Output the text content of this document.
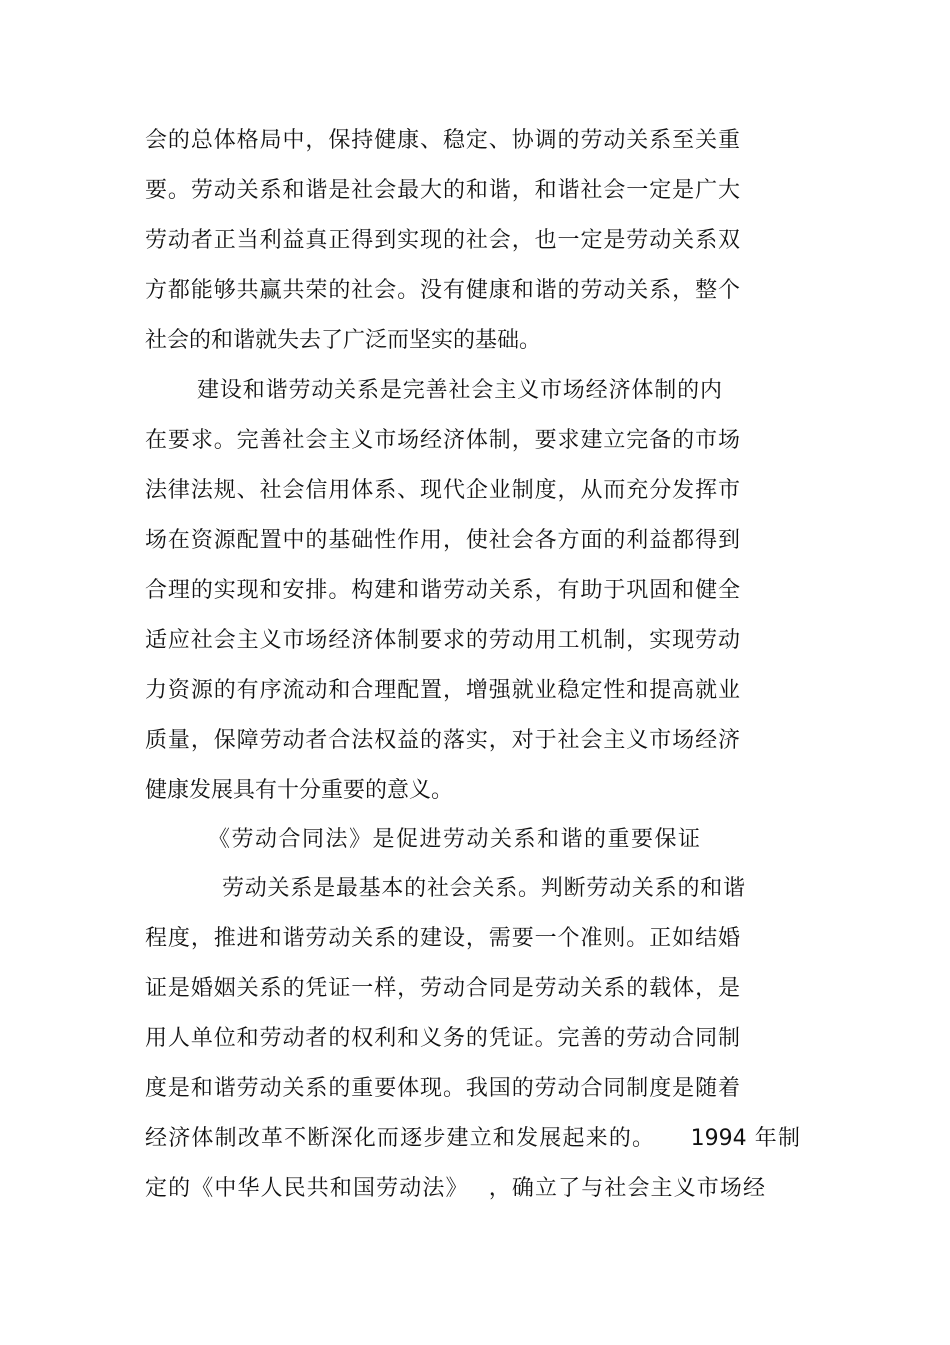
会的总体格局中，保持健康、稳定、协调的劳动关系至关重
要。劳动关系和谐是社会最大的和谐，和谐社会一定是广大
劳动者正当利益真正得到实现的社会，也一定是劳动关系双
方都能够共赢共荣的社会。没有健康和谐的劳动关系，整个
社会的和谐就失去了广泛而坚实的基础。
建设和谐劳动关系是完善社会主义市场经济体制的内
在要求。完善社会主义市场经济体制，要求建立完备的市场
法律法规、社会信用体系、现代企业制度，从而充分发挥市
场在资源配置中的基础性作用，使社会各方面的利益都得到
合理的实现和安排。构建和谐劳动关系，有助于巩固和健全
适应社会主义市场经济体制要求的劳动用工机制，实现劳动
力资源的有序流动和合理配置，增强就业稳定性和提高就业
质量，保障劳动者合法权益的落实，对于社会主义市场经济
健康发展具有十分重要的意义。
《劳动合同法》是促进劳动关系和谐的重要保证
劳动关系是最基本的社会关系。判断劳动关系的和谐
程度，推进和谐劳动关系的建设，需要一个准则。正如结婚
证是婚姻关系的凭证一样，劳动合同是劳动关系的载体，是
用人单位和劳动者的权利和义务的凭证。完善的劳动合同制
度是和谐劳动关系的重要体现。我国的劳动合同制度是随着
经济体制改革不断深化而逐步建立和发展起来的。　　1994 年制
定的《中华人民共和国劳动法》　 ，确立了与社会主义市场经
